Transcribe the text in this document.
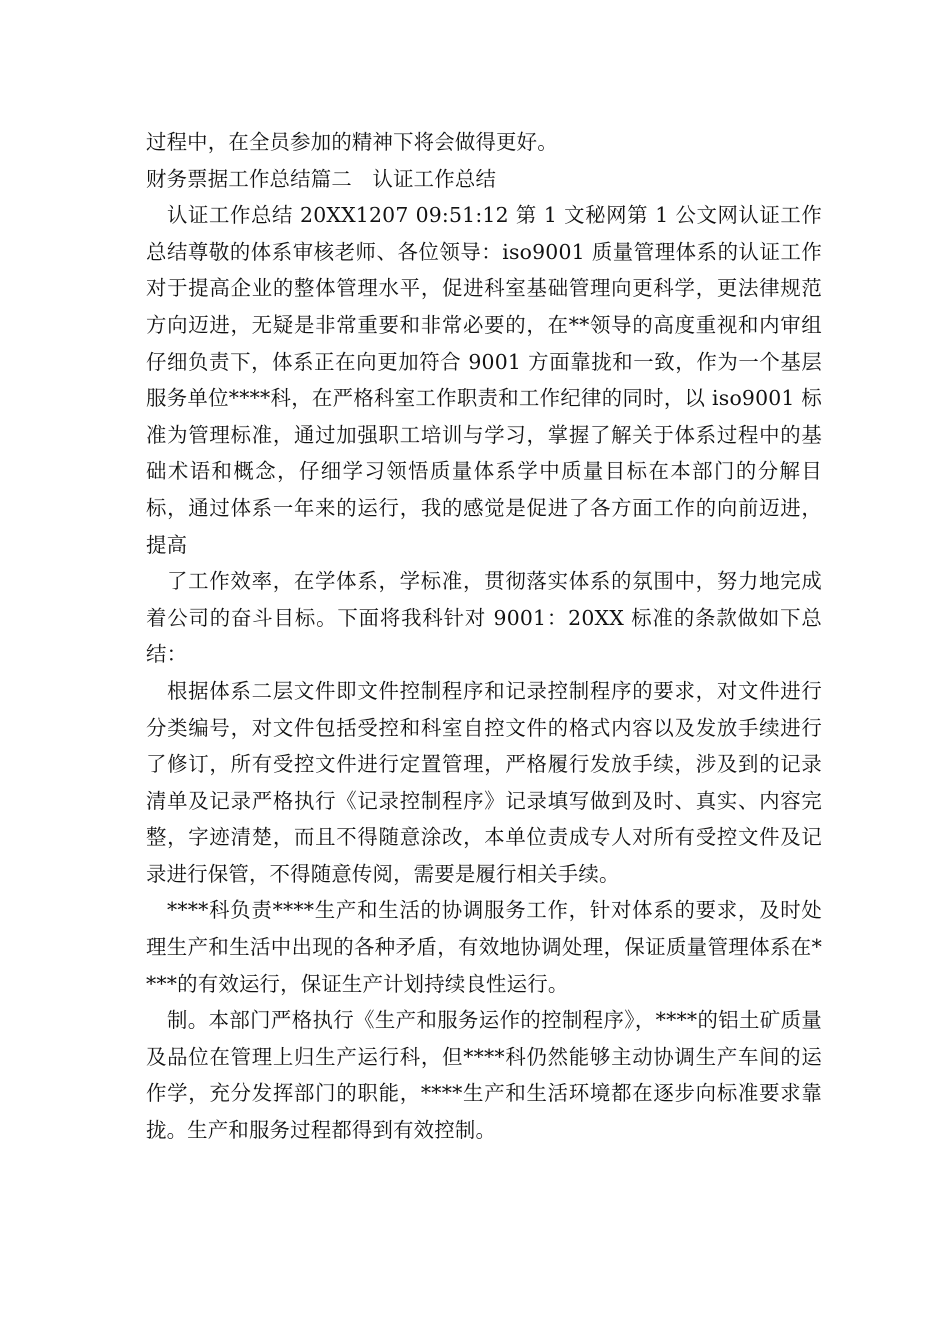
过程中，在全员参加的精神下将会做得更好。

财务票据工作总结篇二　认证工作总结

认证工作总结 20XX1207 09:51:12 第 1 文秘网第 1 公文网认证工作总结尊敬的体系审核老师、各位领导：iso9001 质量管理体系的认证工作对于提高企业的整体管理水平，促进科室基础管理向更科学，更法律规范方向迈进，无疑是非常重要和非常必要的，在**领导的高度重视和内审组仔细负责下，体系正在向更加符合 9001 方面靠拢和一致，作为一个基层服务单位****科，在严格科室工作职责和工作纪律的同时，以 iso9001 标准为管理标准，通过加强职工培训与学习，掌握了解关于体系过程中的基础术语和概念，仔细学习领悟质量体系学中质量目标在本部门的分解目标，通过体系一年来的运行，我的感觉是促进了各方面工作的向前迈进，提高

了工作效率，在学体系，学标准，贯彻落实体系的氛围中，努力地完成着公司的奋斗目标。下面将我科针对 9001：20XX 标准的条款做如下总结：

根据体系二层文件即文件控制程序和记录控制程序的要求，对文件进行分类编号，对文件包括受控和科室自控文件的格式内容以及发放手续进行了修订，所有受控文件进行定置管理，严格履行发放手续，涉及到的记录清单及记录严格执行《记录控制程序》记录填写做到及时、真实、内容完整，字迹清楚，而且不得随意涂改，本单位责成专人对所有受控文件及记录进行保管，不得随意传阅，需要是履行相关手续。

****科负责****生产和生活的协调服务工作，针对体系的要求，及时处理生产和生活中出现的各种矛盾，有效地协调处理，保证质量管理体系在****的有效运行，保证生产计划持续良性运行。

制。本部门严格执行《生产和服务运作的控制程序》，****的铝土矿质量及品位在管理上归生产运行科，但****科仍然能够主动协调生产车间的运作学，充分发挥部门的职能，****生产和生活环境都在逐步向标准要求靠拢。生产和服务过程都得到有效控制。
